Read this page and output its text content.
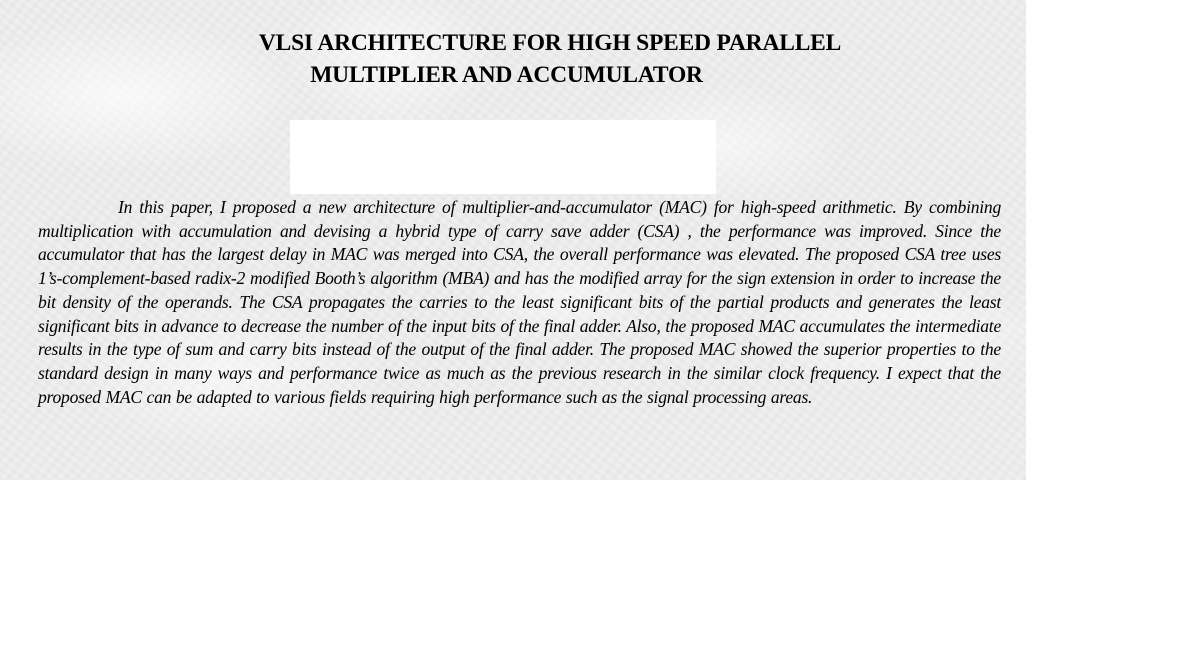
VLSI ARCHITECTURE FOR HIGH SPEED PARALLEL
MULTIPLIER AND ACCUMULATOR

In this paper, I proposed a new architecture of multiplier-and-accumulator (MAC) for high-speed arithmetic. By combining multiplication with accumulation and devising a hybrid type of carry save adder (CSA) , the performance was improved. Since the accumulator that has the largest delay in MAC was merged into CSA, the overall performance was elevated. The proposed CSA tree uses 1’s-complement-based radix-2 modified Booth’s algorithm (MBA) and has the modified array for the sign extension in order to increase the bit density of the operands. The CSA propagates the carries to the least significant bits of the partial products and generates the least significant bits in advance to decrease the number of the input bits of the final adder. Also, the proposed MAC accumulates the intermediate results in the type of sum and carry bits instead of the output of the final adder. The proposed MAC showed the superior properties to the standard design in many ways and performance twice as much as the previous research in the similar clock frequency. I expect that the proposed MAC can be adapted to various fields requiring high performance such as the signal processing areas.
